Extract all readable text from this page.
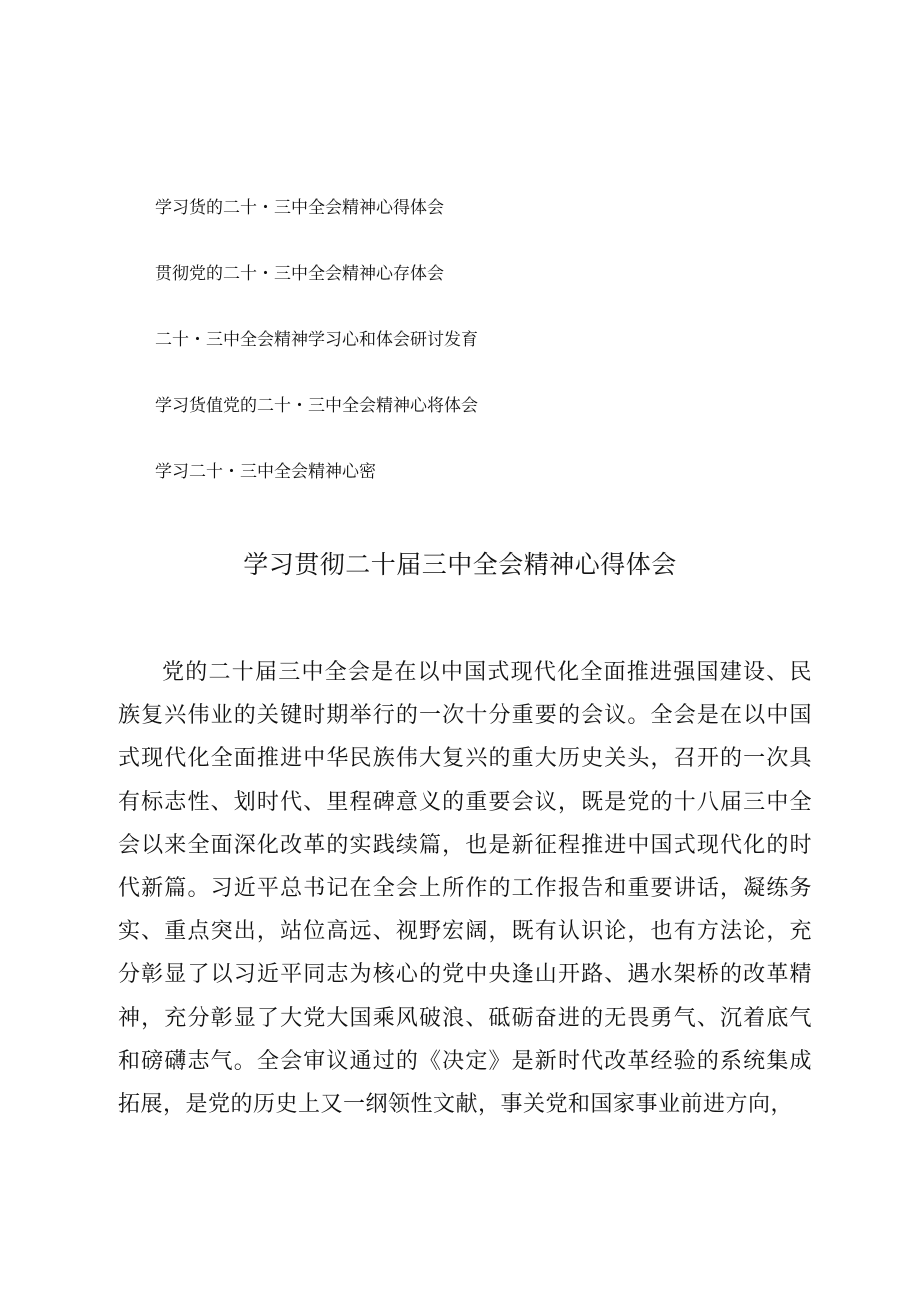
学习货的二十・三中全会精神心得体会
贯彻党的二十・三中全会精神心存体会
二十・三中全会精神学习心和体会研讨发育
学习货值党的二十・三中全会精神心将体会
学习二十・三中全会精神心密
学习贯彻二十届三中全会精神心得体会

党的二十届三中全会是在以中国式现代化全面推进强国建设、民族复兴伟业的关键时期举行的一次十分重要的会议。全会是在以中国式现代化全面推进中华民族伟大复兴的重大历史关头，召开的一次具有标志性、划时代、里程碑意义的重要会议，既是党的十八届三中全会以来全面深化改革的实践续篇，也是新征程推进中国式现代化的时代新篇。习近平总书记在全会上所作的工作报告和重要讲话，凝练务实、重点突出，站位高远、视野宏阔，既有认识论，也有方法论，充分彰显了以习近平同志为核心的党中央逢山开路、遇水架桥的改革精神，充分彰显了大党大国乘风破浪、砥砺奋进的无畏勇气、沉着底气和磅礴志气。全会审议通过的《决定》是新时代改革经验的系统集成拓展，是党的历史上又一纲领性文献，事关党和国家事业前进方向，
